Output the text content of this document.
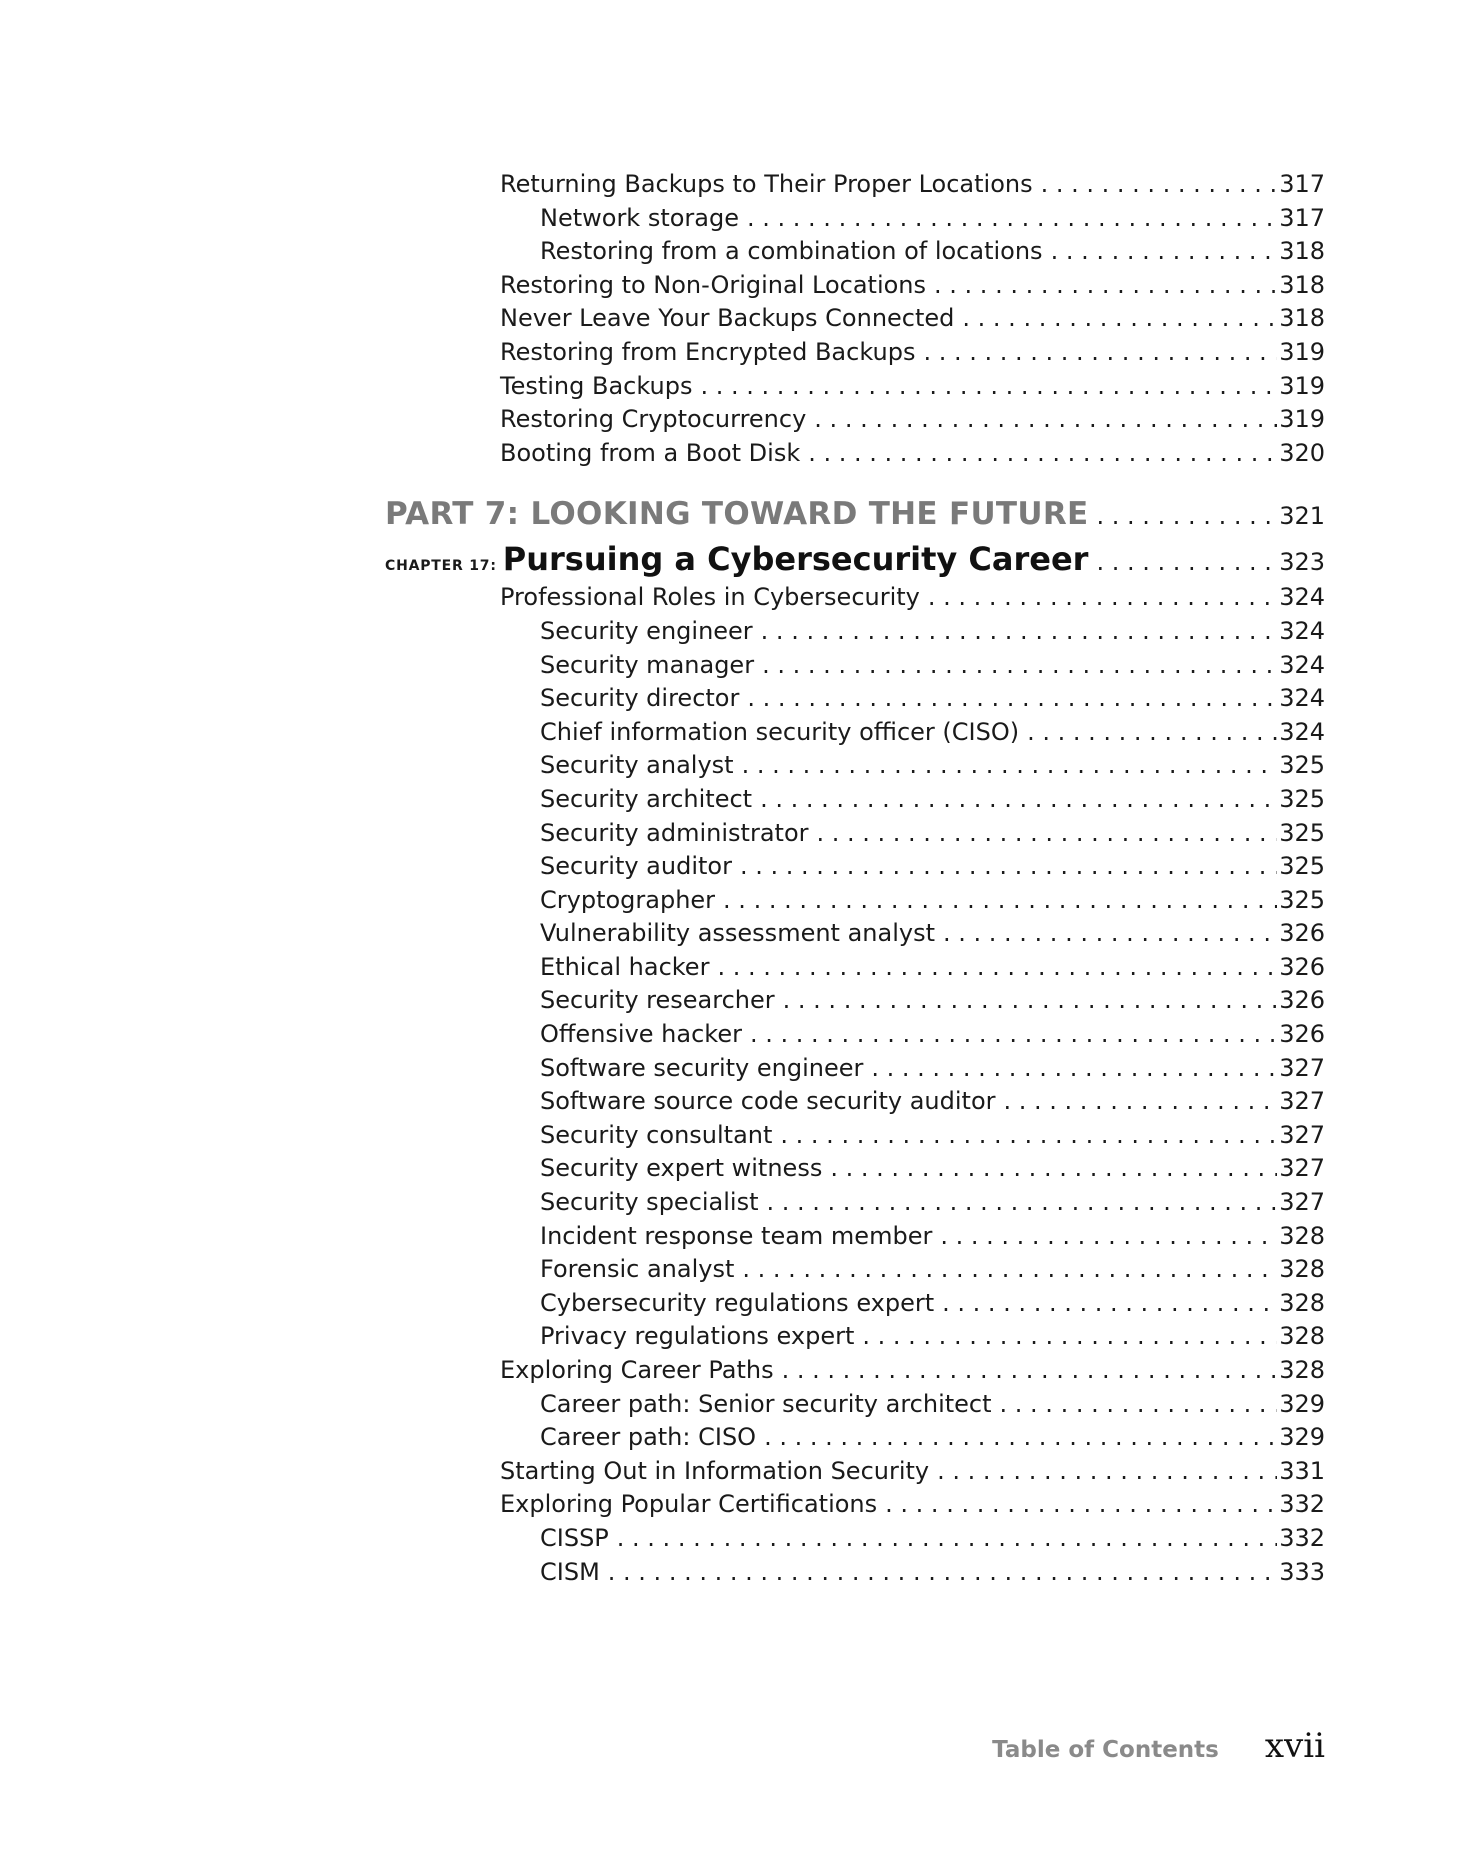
Returning Backups to Their Proper Locations . . .	317
Network storage . . .	317
Restoring from a combination of locations . . .	318
Restoring to Non-Original Locations . . .	318
Never Leave Your Backups Connected . . .	318
Restoring from Encrypted Backups . . .	319
Testing Backups . . .	319
Restoring Cryptocurrency . . .	319
Booting from a Boot Disk . . .	320
PART 7: LOOKING TOWARD THE FUTURE . . .	321
CHAPTER 17: Pursuing a Cybersecurity Career . . .	323
Professional Roles in Cybersecurity . . .	324
Security engineer . . .	324
Security manager . . .	324
Security director . . .	324
Chief information security officer (CISO) . . .	324
Security analyst . . .	325
Security architect . . .	325
Security administrator . . .	325
Security auditor . . .	325
Cryptographer . . .	325
Vulnerability assessment analyst . . .	326
Ethical hacker . . .	326
Security researcher . . .	326
Offensive hacker . . .	326
Software security engineer . . .	327
Software source code security auditor . . .	327
Security consultant . . .	327
Security expert witness . . .	327
Security specialist . . .	327
Incident response team member . . .	328
Forensic analyst . . .	328
Cybersecurity regulations expert . . .	328
Privacy regulations expert . . .	328
Exploring Career Paths . . .	328
Career path: Senior security architect . . .	329
Career path: CISO . . .	329
Starting Out in Information Security . . .	331
Exploring Popular Certifications . . .	332
CISSP . . .	332
CISM . . .	333
Table of Contents xvii
